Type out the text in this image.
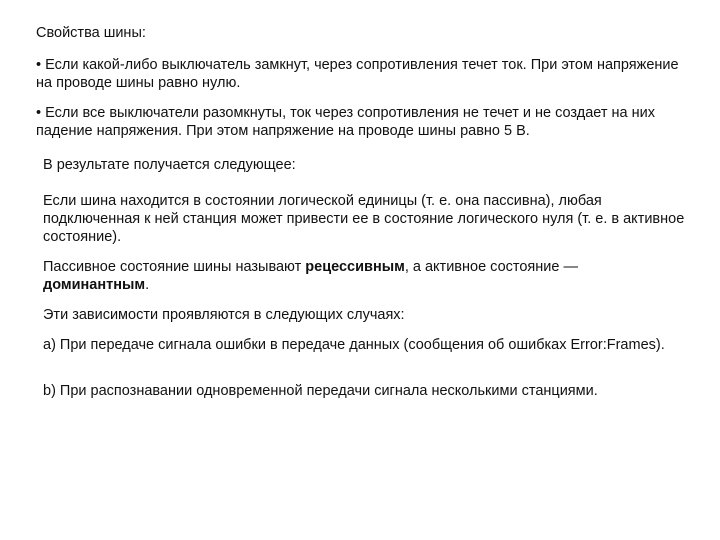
Свойства шины:

• Если какой-либо выключатель замкнут, через сопротивления течет ток. При этом напряжение на проводе шины равно нулю.

• Если все выключатели разомкнуты, ток через сопротивления не течет и не создает на них падение напряжения. При этом напряжение на проводе шины равно 5 В.

В результате получается следующее:

Если шина находится в состоянии логической единицы (т. е. она пассивна), любая подключенная к ней станция может привести ее в состояние логического нуля (т. е. в активное состояние).

Пассивное состояние шины называют рецессивным, а активное состояние — доминантным.

Эти зависимости проявляются в следующих случаях:

а) При передаче сигнала ошибки в передаче данных (сообщения об ошибках Error:Frames).

b) При распознавании одновременной передачи сигнала несколькими станциями.
